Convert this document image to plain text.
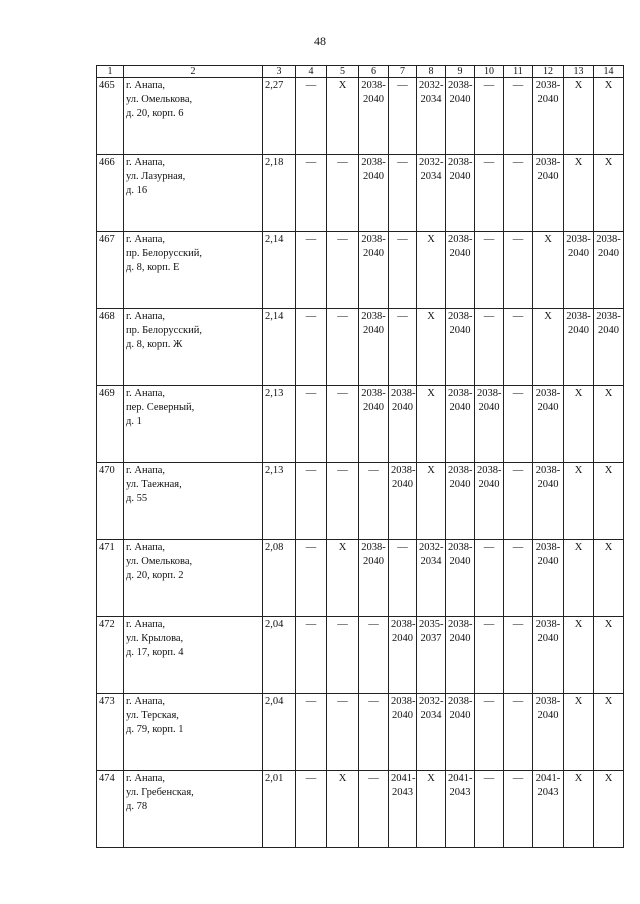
48
1	2	3	4	5	6	7	8	9	10	11	12	13	14

465	г. Анапа,
ул. Омелькова,
д. 20, корп. 6	2,27	—	Х	2038-
2040	—	2032-
2034	2038-
2040	—	—	2038-
2040	Х	Х

466	г. Анапа,
ул. Лазурная,
д. 16	2,18	—	—	2038-
2040	—	2032-
2034	2038-
2040	—	—	2038-
2040	Х	Х

467	г. Анапа,
пр. Белорусский,
д. 8, корп. Е	2,14	—	—	2038-
2040	—	Х	2038-
2040	—	—	Х	2038-
2040	2038-
2040

468	г. Анапа,
пр. Белорусский,
д. 8, корп. Ж	2,14	—	—	2038-
2040	—	Х	2038-
2040	—	—	Х	2038-
2040	2038-
2040

469	г. Анапа,
пер. Северный,
д. 1	2,13	—	—	2038-
2040	2038-
2040	Х	2038-
2040	2038-
2040	—	2038-
2040	Х	Х

470	г. Анапа,
ул. Таежная,
д. 55	2,13	—	—	—	2038-
2040	Х	2038-
2040	2038-
2040	—	2038-
2040	Х	Х

471	г. Анапа,
ул. Омелькова,
д. 20, корп. 2	2,08	—	Х	2038-
2040	—	2032-
2034	2038-
2040	—	—	2038-
2040	Х	Х

472	г. Анапа,
ул. Крылова,
д. 17, корп. 4	2,04	—	—	—	2038-
2040	2035-
2037	2038-
2040	—	—	2038-
2040	Х	Х

473	г. Анапа,
ул. Терская,
д. 79, корп. 1	2,04	—	—	—	2038-
2040	2032-
2034	2038-
2040	—	—	2038-
2040	Х	Х

474	г. Анапа,
ул. Гребенская,
д. 78	2,01	—	Х	—	2041-
2043	Х	2041-
2043	—	—	2041-
2043	Х	Х
